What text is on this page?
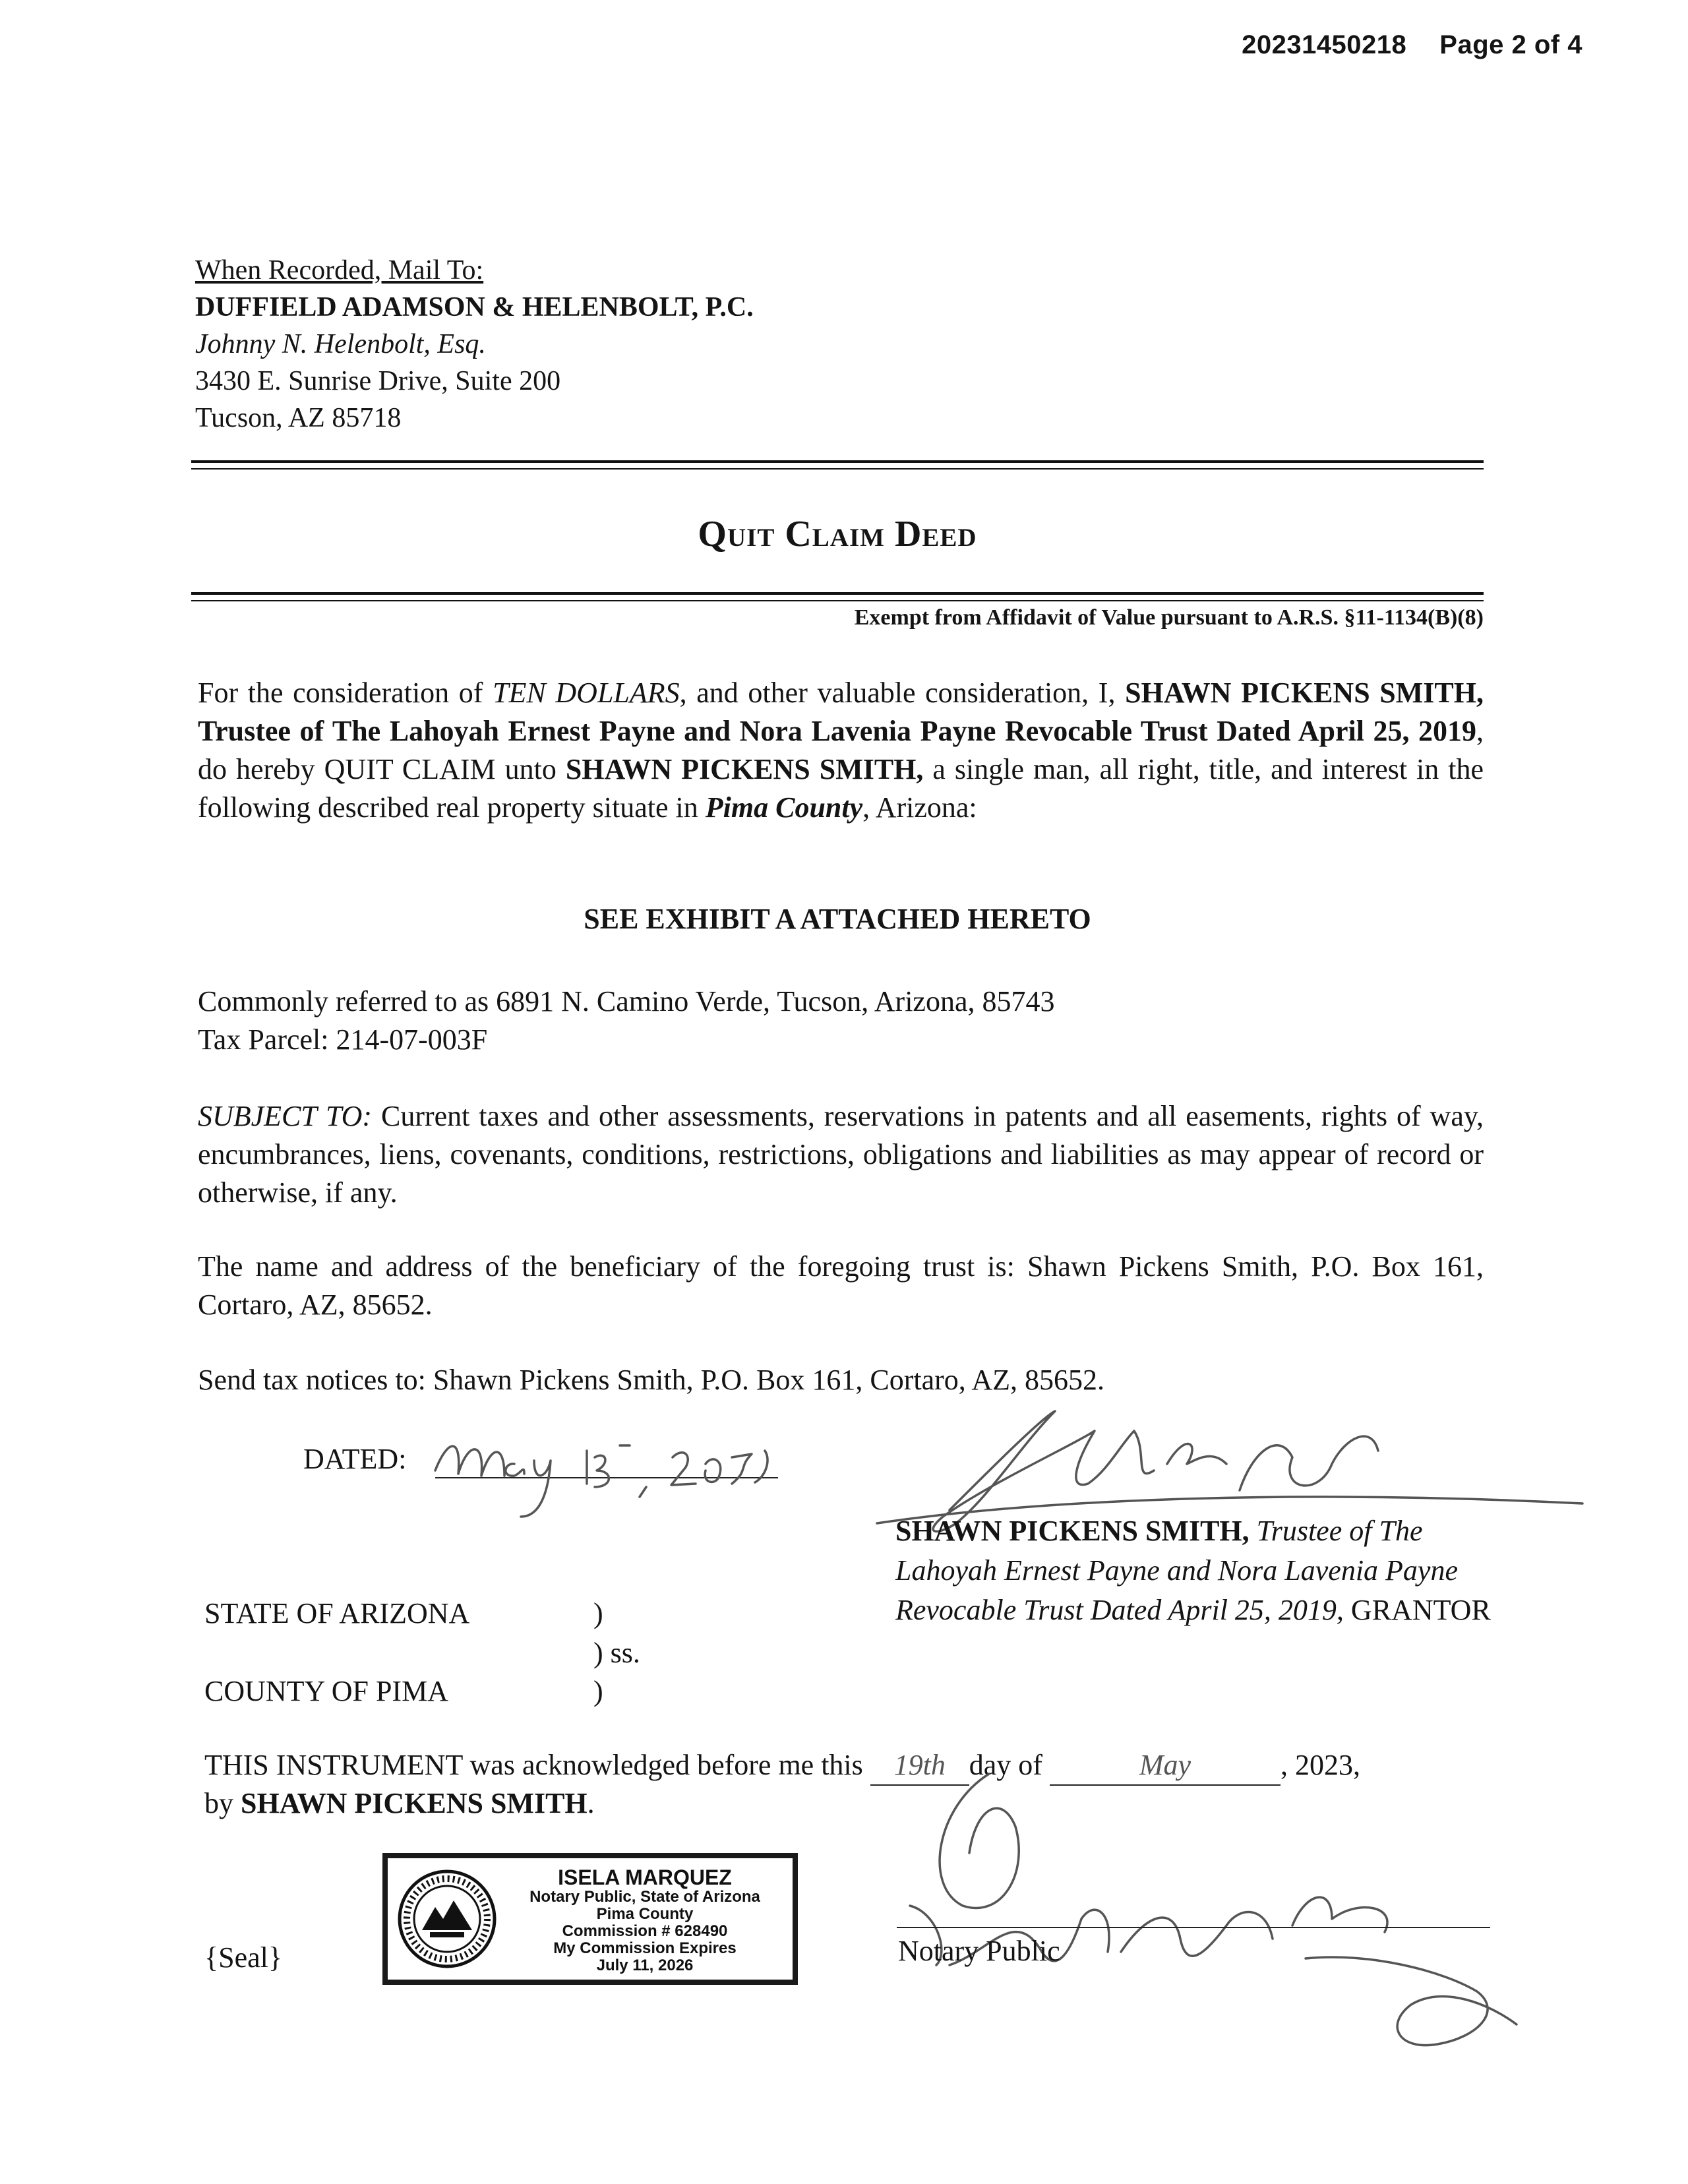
20231450218 Page 2 of 4
When Recorded, Mail To:
DUFFIELD ADAMSON & HELENBOLT, P.C.
Johnny N. Helenbolt, Esq.
3430 E. Sunrise Drive, Suite 200
Tucson, AZ 85718
Quit Claim Deed
Exempt from Affidavit of Value pursuant to A.R.S. §11-1134(B)(8)
For the consideration of TEN DOLLARS, and other valuable consideration, I, SHAWN PICKENS SMITH, Trustee of The Lahoyah Ernest Payne and Nora Lavenia Payne Revocable Trust Dated April 25, 2019, do hereby QUIT CLAIM unto SHAWN PICKENS SMITH, a single man, all right, title, and interest in the following described real property situate in Pima County, Arizona:
SEE EXHIBIT A ATTACHED HERETO
Commonly referred to as 6891 N. Camino Verde, Tucson, Arizona, 85743
Tax Parcel: 214-07-003F
SUBJECT TO: Current taxes and other assessments, reservations in patents and all easements, rights of way, encumbrances, liens, covenants, conditions, restrictions, obligations and liabilities as may appear of record or otherwise, if any.
The name and address of the beneficiary of the foregoing trust is: Shawn Pickens Smith, P.O. Box 161, Cortaro, AZ, 85652.
Send tax notices to: Shawn Pickens Smith, P.O. Box 161, Cortaro, AZ, 85652.
DATED:
SHAWN PICKENS SMITH, Trustee of The Lahoyah Ernest Payne and Nora Lavenia Payne Revocable Trust Dated April 25, 2019, GRANTOR
STATE OF ARIZONA
COUNTY OF PIMA
)
) ss.
)
THIS INSTRUMENT was acknowledged before me this 19th day of	May	, 2023,
by SHAWN PICKENS SMITH.
Notary Public
{Seal}
ISELA MARQUEZ
Notary Public, State of Arizona
Pima County
Commission # 628490
My Commission Expires
July 11, 2026
